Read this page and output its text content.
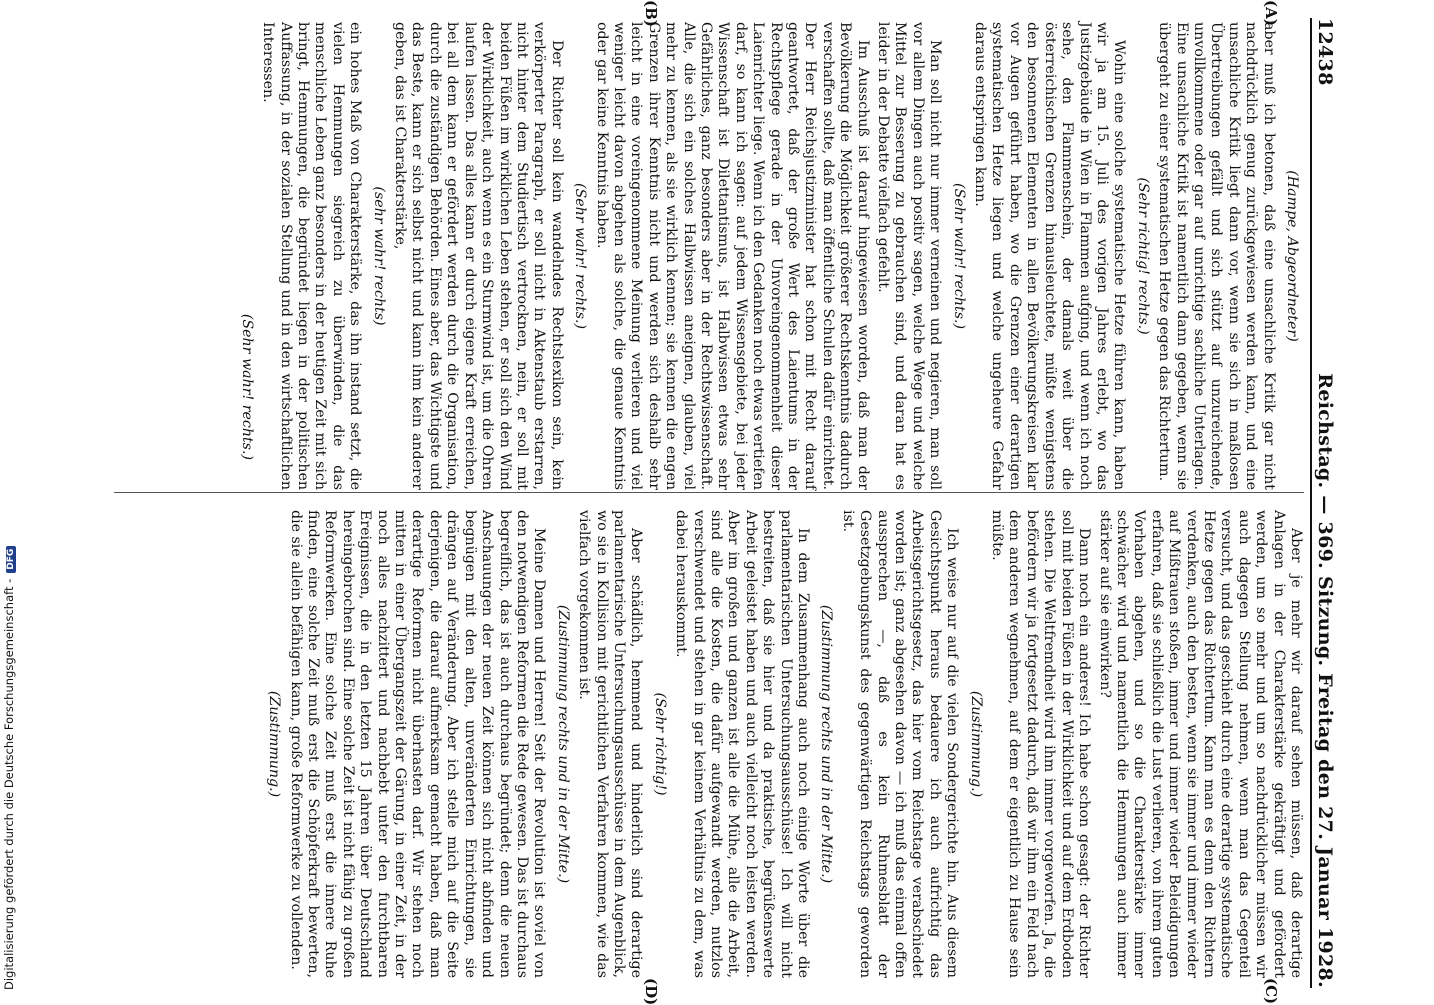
Digitalisierung gefördert durch die Deutsche Forschungsgemeinschaft -DFG
12438
Reichstag. — 369. Sitzung. Freitag den 27. Januar 1928.
(A)
(B)
(C)
(D)

(Hampe, Abgeordneter)

aber muß ich betonen, daß eine unsachliche Kritik gar nicht nachdrücklich genug zurückgewiesen werden kann, und eine unsachliche Kritik liegt dann vor, wenn sie sich in maßlosen Übertreibungen gefällt und sich stützt auf unzureichende, unvollkommene oder gar auf unrichtige sachliche Unterlagen. Eine unsachliche Kritik ist namentlich dann gegeben, wenn sie übergeht zu einer systematischen Hetze gegen das Richtertum.

(Sehr richtig! rechts.)

Wohin eine solche systematische Hetze führen kann, haben wir ja am 15. Juli des vorigen Jahres erlebt, wo das Justizgebäude in Wien in Flammen aufging, und wenn ich noch sehe, den Flammenschein, der damals weit über die österreichischen Grenzen hinausleuchtete, müßte wenigstens den besonnenen Elementen in allen Bevölkerungskreisen klar vor Augen geführt haben, wo die Grenzen einer derartigen systematischen Hetze liegen und welche ungeheure Gefahr daraus entspringen kann.

(Sehr wahr! rechts.)

Man soll nicht nur immer verneinen und negieren, man soll vor allem Dingen auch positiv sagen, welche Wege und welche Mittel zur Besserung zu gebrauchen sind, und daran hat es leider in der Debatte vielfach gefehlt.

Im Ausschuß ist darauf hingewiesen worden, daß man der Bevölkerung die Möglichkeit größerer Rechtskenntnis dadurch verschaffen sollte, daß man öffentliche Schulen dafür einrichtet. Der Herr Reichsjustizminister hat schon mit Recht darauf geantwortet, daß der große Wert des Laientums in der Rechtspflege gerade in der Unvoreingenommenheit dieser Laienrichter liege. Wenn ich den Gedanken noch etwas vertiefen darf, so kann ich sagen: auf jedem Wissensgebiete, bei jeder Wissenschaft ist Dilettantismus, ist Halbwissen etwas sehr Gefährliches, ganz besonders aber in der Rechtswissenschaft. Alle, die sich ein solches Halbwissen aneignen, glauben, viel mehr zu kennen, als sie wirklich kennen; sie kennen die engen Grenzen ihrer Kenntnis nicht und werden sich deshalb sehr leicht in eine voreingenommene Meinung verlieren und viel weniger leicht davon abgehen als solche, die genaue Kenntnis oder gar keine Kenntnis haben.

(Sehr wahr! rechts.)

Der Richter soll kein wandelndes Rechtslexikon sein, kein verkörperter Paragraph, er soll nicht in Aktenstaub erstarren, nicht hinter dem Studiertisch vertrocknen, nein, er soll mit beiden Füßen im wirklichen Leben stehen, er soll sich den Wind der Wirklichkeit, auch wenn es ein Sturmwind ist, um die Ohren laufen lassen. Das alles kann er durch eigene Kraft erreichen, bei all dem kann er gefördert werden durch die Organisation, durch die zuständigen Behörden. Eines aber, das Wichtigste und das Beste, kann er sich selbst nicht und kann ihm kein anderer geben, das ist Charakterstärke,

(sehr wahr! rechts)

ein hohes Maß von Charakterstärke, das ihn instand setzt, die vielen Hemmungen siegreich zu überwinden, die das menschliche Leben ganz besonders in der heutigen Zeit mit sich bringt, Hemmungen, die begründet liegen in der politischen Auffassung, in der sozialen Stellung und in den wirtschaftlichen Interessen.

(Sehr wahr! rechts.)

Aber je mehr wir darauf sehen müssen, daß derartige Anlagen in der Charakterstärke gekräftigt und gefördert werden, um so mehr und um so nachdrücklicher müssen wir auch dagegen Stellung nehmen, wenn man das Gegenteil versucht, und das geschieht durch eine derartige systematische Hetze gegen das Richtertum. Kann man es denn den Richtern verdenken, auch den besten, wenn sie immer und immer wieder auf Mißtrauen stoßen, immer und immer wieder Beleidigungen erfahren, daß sie schließlich die Lust verlieren, von ihrem guten Vorhaben abgehen, und so die Charakterstärke immer schwächer wird und namentlich die Hemmungen auch immer stärker auf sie einwirken?

Dann noch ein anderes! Ich habe schon gesagt: der Richter soll mit beiden Füßen in der Wirklichkeit und auf dem Erdboden stehen. Die Weltfremdheit wird ihm immer vorgeworfen. Ja, die befördern wir ja fortgesetzt dadurch, daß wir ihm ein Feld nach dem anderen wegnehmen, auf dem er eigentlich zu Hause sein müßte.

(Zustimmung.)

Ich weise nur auf die vielen Sondergerichte hin. Aus diesem Gesichtspunkt heraus bedauere ich auch aufrichtig das Arbeitsgerichtsgesetz, das hier vom Reichstage verabschiedet worden ist; ganz abgesehen davon — ich muß das einmal offen aussprechen —, daß es kein Ruhmesblatt der Gesetzgebungskunst des gegenwärtigen Reichstags geworden ist.

(Zustimmung rechts und in der Mitte.)

In dem Zusammenhang auch noch einige Worte über die parlamentarischen Untersuchungsausschüsse! Ich will nicht bestreiten, daß sie hier und da praktische, begrüßenswerte Arbeit geleistet haben und auch vielleicht noch leisten werden. Aber im großen und ganzen ist alle die Mühe, alle die Arbeit, sind alle die Kosten, die dafür aufgewandt werden, nutzlos verschwendet und stehen in gar keinem Verhältnis zu dem, was dabei herauskommt.

(Sehr richtig!)

Aber schädlich, hemmend und hinderlich sind derartige parlamentarische Untersuchungsausschüsse in dem Augenblick, wo sie in Kollision mit gerichtlichen Verfahren kommen, wie das vielfach vorgekommen ist.

(Zustimmung rechts und in der Mitte.)

Meine Damen und Herren! Seit der Revolution ist soviel von den notwendigen Reformen die Rede gewesen. Das ist durchaus begreiflich, das ist auch durchaus begründet; denn die neuen Anschauungen der neuen Zeit können sich nicht abfinden und begnügen mit den alten, unveränderten Einrichtungen, sie drängen auf Veränderung. Aber ich stelle mich auf die Seite derjenigen, die darauf aufmerksam gemacht haben, daß man derartige Reformen nicht überhasten darf. Wir stehen noch mitten in einer Übergangszeit der Gärung, in einer Zeit, in der noch alles nachzittert und nachbebt unter den furchtbaren Ereignissen, die in den letzten 15 Jahren über Deutschland hereingebrochen sind. Eine solche Zeit ist nicht fähig zu großen Reformwerken. Eine solche Zeit muß erst die innere Ruhe finden, eine solche Zeit muß erst die Schöpferkraft bewerten, die sie allein befähigen kann, große Reformwerke zu vollenden.

(Zustimmung.)
